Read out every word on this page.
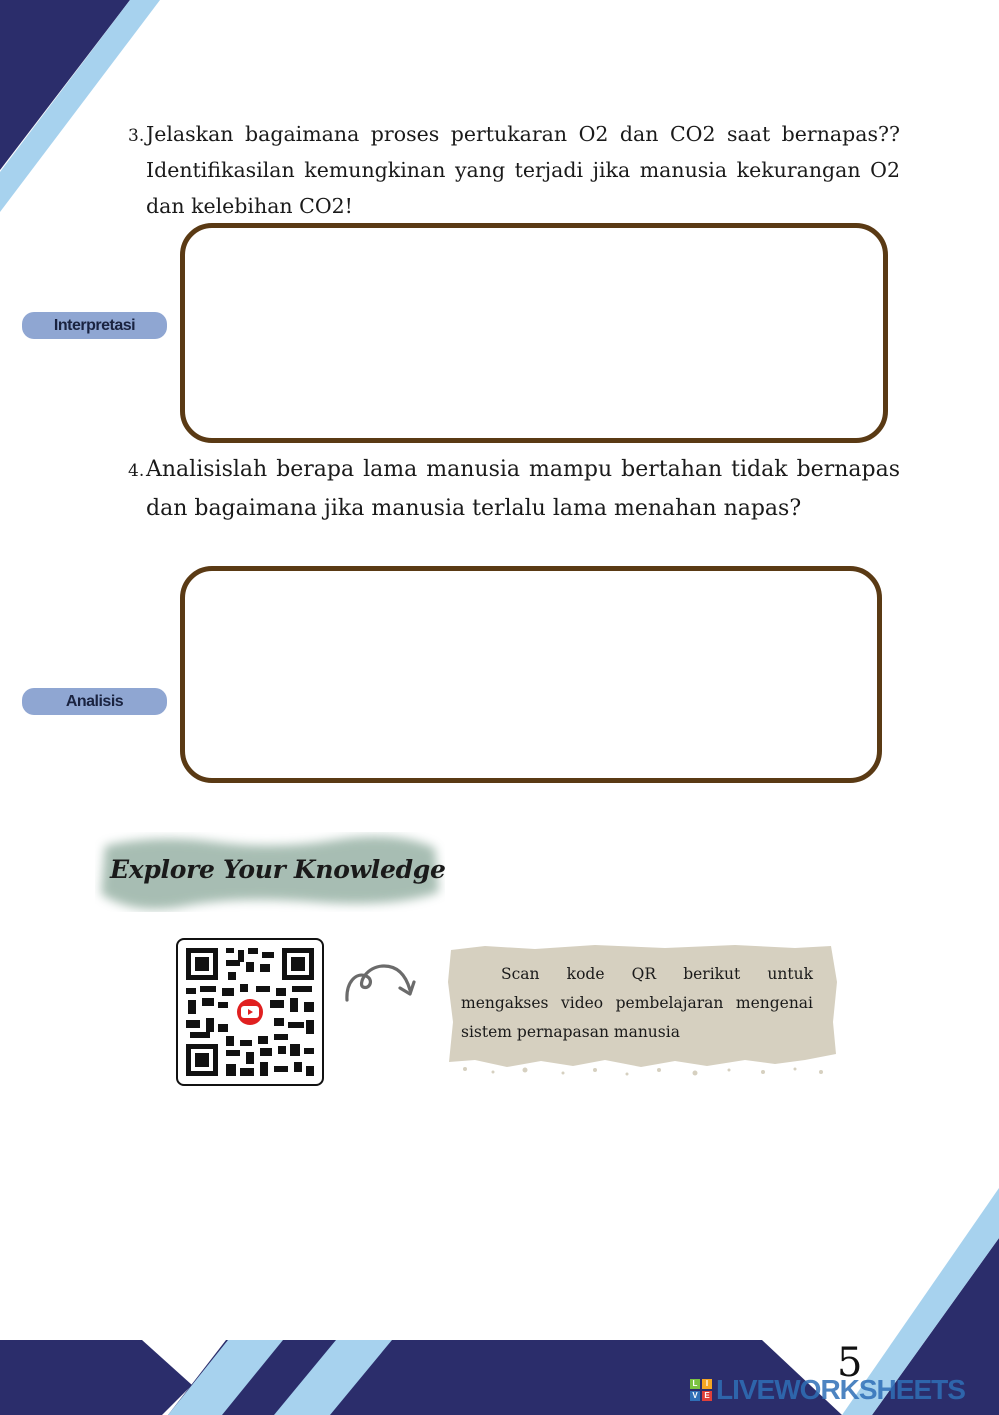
3. Jelaskan bagaimana proses pertukaran O2 dan CO2 saat bernapas?? Identifikasilan kemungkinan yang terjadi jika manusia kekurangan O2 dan kelebihan CO2!
Interpretasi
4. Analisislah berapa lama manusia mampu bertahan tidak bernapas dan bagaimana jika manusia terlalu lama menahan napas?
Analisis
Explore Your Knowledge
Scan kode QR berikut untuk mengakses video pembelajaran mengenai sistem pernapasan manusia
5
L	I
V E LIVEWORKSHEETS
